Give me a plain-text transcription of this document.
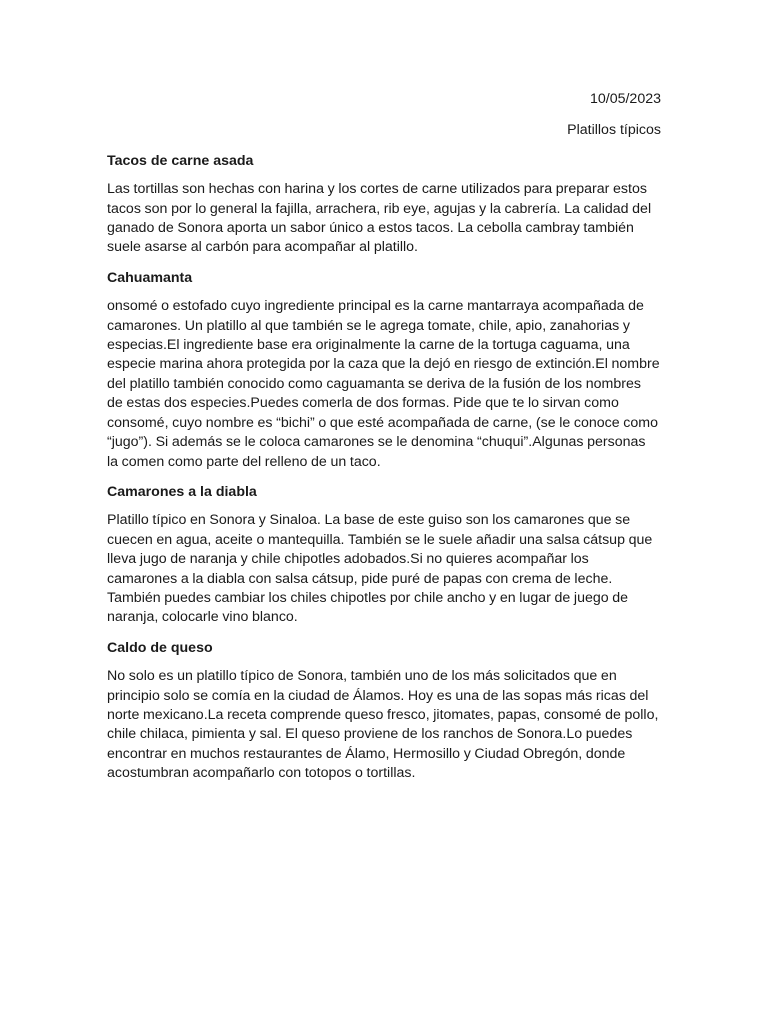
10/05/2023

Platillos típicos

Tacos de carne asada

Las tortillas son hechas con harina y los cortes de carne utilizados para preparar estos tacos son por lo general la fajilla, arrachera, rib eye, agujas y la cabrería. La calidad del ganado de Sonora aporta un sabor único a estos tacos. La cebolla cambray también suele asarse al carbón para acompañar al platillo.

Cahuamanta

onsomé o estofado cuyo ingrediente principal es la carne mantarraya acompañada de camarones. Un platillo al que también se le agrega tomate, chile, apio, zanahorias y especias.El ingrediente base era originalmente la carne de la tortuga caguama, una especie marina ahora protegida por la caza que la dejó en riesgo de extinción.El nombre del platillo también conocido como caguamanta se deriva de la fusión de los nombres de estas dos especies.Puedes comerla de dos formas. Pide que te lo sirvan como consomé, cuyo nombre es “bichi” o que esté acompañada de carne, (se le conoce como “jugo”). Si además se le coloca camarones se le denomina “chuqui”.Algunas personas la comen como parte del relleno de un taco.

Camarones a la diabla

Platillo típico en Sonora y Sinaloa. La base de este guiso son los camarones que se cuecen en agua, aceite o mantequilla. También se le suele añadir una salsa cátsup que lleva jugo de naranja y chile chipotles adobados.Si no quieres acompañar los camarones a la diabla con salsa cátsup, pide puré de papas con crema de leche. También puedes cambiar los chiles chipotles por chile ancho y en lugar de juego de naranja, colocarle vino blanco.

Caldo de queso

No solo es un platillo típico de Sonora, también uno de los más solicitados que en principio solo se comía en la ciudad de Álamos. Hoy es una de las sopas más ricas del norte mexicano.La receta comprende queso fresco, jitomates, papas, consomé de pollo, chile chilaca, pimienta y sal. El queso proviene de los ranchos de Sonora.Lo puedes encontrar en muchos restaurantes de Álamo, Hermosillo y Ciudad Obregón, donde acostumbran acompañarlo con totopos o tortillas.
